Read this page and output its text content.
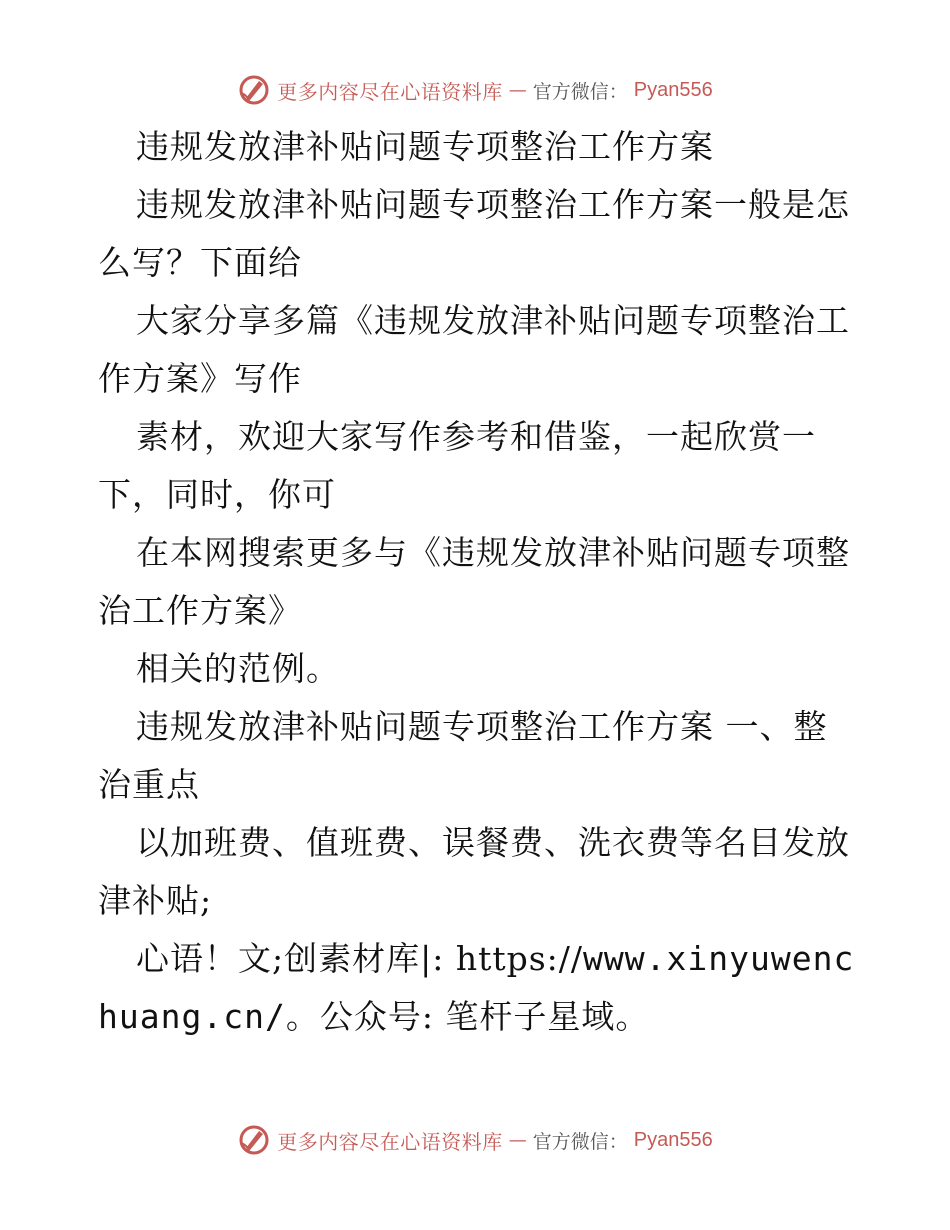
更多内容尽在心语资料库 — 官方微信： Pyan556

违规发放津补贴问题专项整治工作方案

违规发放津补贴问题专项整治工作方案一般是怎么写？下面给

大家分享多篇《违规发放津补贴问题专项整治工作方案》写作

素材，欢迎大家写作参考和借鉴，一起欣赏一下，同时，你可

在本网搜索更多与《违规发放津补贴问题专项整治工作方案》

相关的范例。

违规发放津补贴问题专项整治工作方案 一、整治重点

以加班费、值班费、误餐费、洗衣费等名目发放津补贴;

心语！文;创素材库|: https://www.xinyuwenchuang.cn/。公众号: 笔杆子星域。

更多内容尽在心语资料库 — 官方微信： Pyan556
